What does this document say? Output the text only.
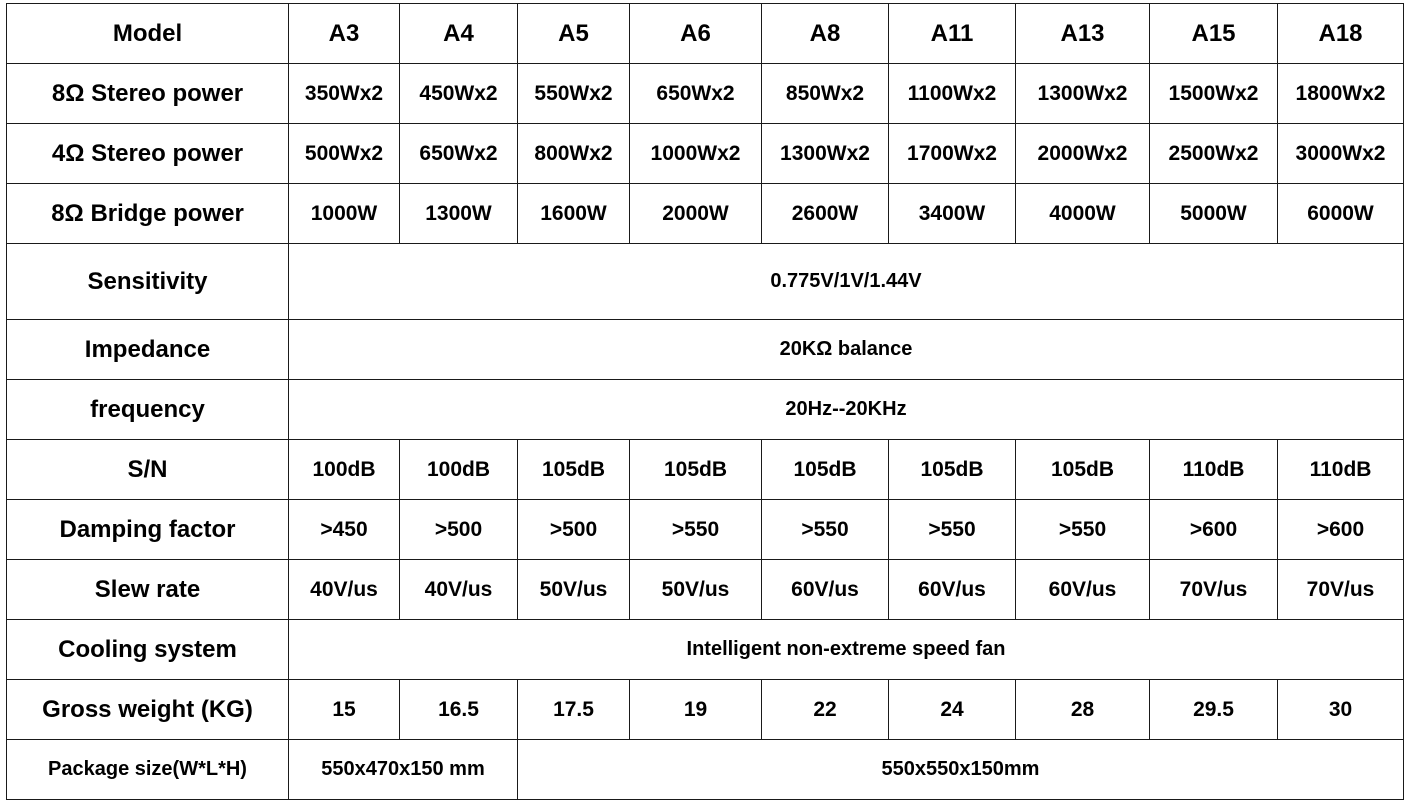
Model	A3	A4	A5	A6	A8	A11	A13	A15	A18
8Ω Stereo power	350Wx2	450Wx2	550Wx2	650Wx2	850Wx2	1100Wx2	1300Wx2	1500Wx2	1800Wx2
4Ω Stereo power	500Wx2	650Wx2	800Wx2	1000Wx2	1300Wx2	1700Wx2	2000Wx2	2500Wx2	3000Wx2
8Ω Bridge power	1000W	1300W	1600W	2000W	2600W	3400W	4000W	5000W	6000W
Sensitivity	0.775V/1V/1.44V								
Impedance	20KΩ balance								
frequency	20Hz--20KHz								
S/N	100dB	100dB	105dB	105dB	105dB	105dB	105dB	110dB	110dB
Damping factor	>450	>500	>500	>550	>550	>550	>550	>600	>600
Slew rate	40V/us	40V/us	50V/us	50V/us	60V/us	60V/us	60V/us	70V/us	70V/us
Cooling system	Intelligent non-extreme speed fan								
Gross weight (KG)	15	16.5	17.5	19	22	24	28	29.5	30
Package size(W*L*H)	550x470x150 mm		550x550x150mm						
